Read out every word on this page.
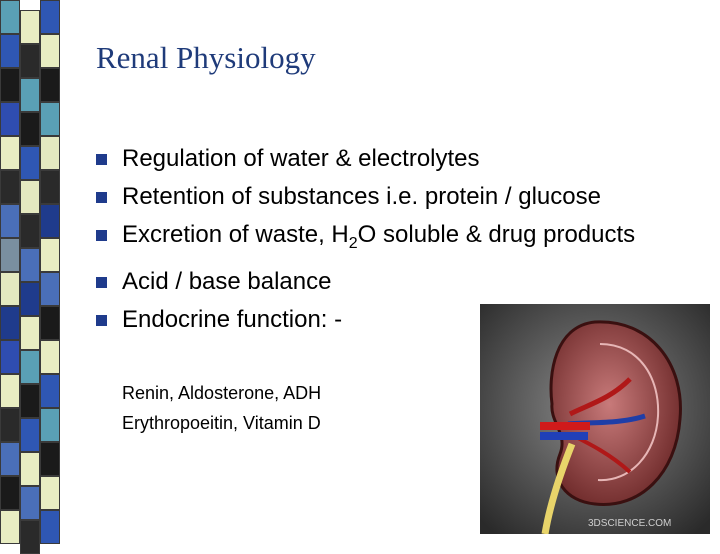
Renal Physiology
Regulation of water & electrolytes
Retention of substances i.e. protein / glucose
Excretion of waste, $H_2O$ soluble & drug products
Acid / base balance
Endocrine function: -
Renin, Aldosterone, ADH
Erythropoeitin, Vitamin D
3DSCIENCE.COM
